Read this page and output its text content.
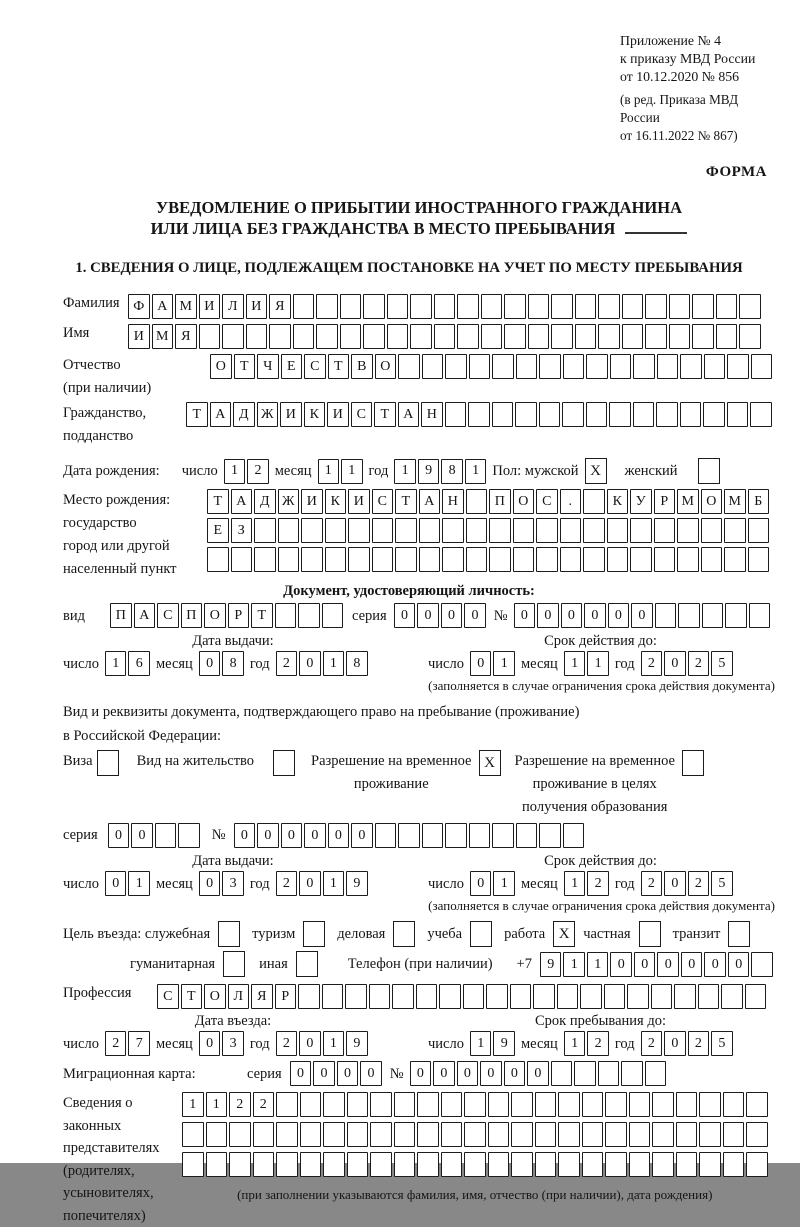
Приложение № 4
к приказу МВД России
от 10.12.2020 № 856
(в ред. Приказа МВД России
от 16.11.2022 № 867)
ФОРМА
УВЕДОМЛЕНИЕ О ПРИБЫТИИ ИНОСТРАННОГО ГРАЖДАНИНА
ИЛИ ЛИЦА БЕЗ ГРАЖДАНСТВА В МЕСТО ПРЕБЫВАНИЯ
1. СВЕДЕНИЯ О ЛИЦЕ, ПОДЛЕЖАЩЕМ ПОСТАНОВКЕ НА УЧЕТ ПО МЕСТУ ПРЕБЫВАНИЯ
Фамилия Ф А М И Л И Я
Имя	И М Я
Отчество
(при наличии)
О	Т	Ч	Е	С	Т	В О
Гражданство,
подданство
Т	А Д Ж И К И С	Т	А Н
Дата рождения: число 1	2 месяц 1	1 год 1	9	8	1 Пол: мужской X	женский
Место рождения:
государство
город или другой
населенный пункт
Т	А Д Ж И К И С	Т	А Н	П О С	.	К У	Р М О М Б
Е	З
Документ, удостоверяющий личность:
вид	П А С П О	Р	Т	серия	0	0	0	0	№ 0	0	0	0	0	0
Дата выдачи:
число 1	6 месяц 0	8 год 2	0	1	8
Срок действия до:
число 0	1 месяц 1	1 год 2	0	2	5
(заполняется в случае ограничения срока действия документа)
Вид и реквизиты документа, подтверждающего право на пребывание (проживание)
в Российской Федерации:
Виза	Вид на жительство	Разрешение на временное
проживание
X	Разрешение на временное
проживание в целях
получения образования
серия	0	0	№	0	0	0	0	0	0
Дата выдачи:
число 0	1 месяц 0	3 год 2	0	1	9
Срок действия до:
число 0	1 месяц 1	2 год 2	0	2	5
(заполняется в случае ограничения срока действия документа)
Цель въезда: служебная	туризм	деловая	учеба	работа X частная	транзит
гуманитарная	иная	Телефон (при наличии) +7	9	1	1	0	0	0	0	0	0
Профессия	С	Т	О Л	Я	Р
Дата въезда:
число 2	7 месяц 0	3 год 2	0	1	9
Срок пребывания до:
число 1	9 месяц 1	2 год 2	0	2	5
Миграционная карта:	серия	0	0	0	0	№ 0	0	0	0	0	0
Сведения о
законных
представителях
(родителях,
усыновителях,
попечителях)
1	1	2	2
(при заполнении указываются фамилия, имя, отчество (при наличии), дата рождения)
